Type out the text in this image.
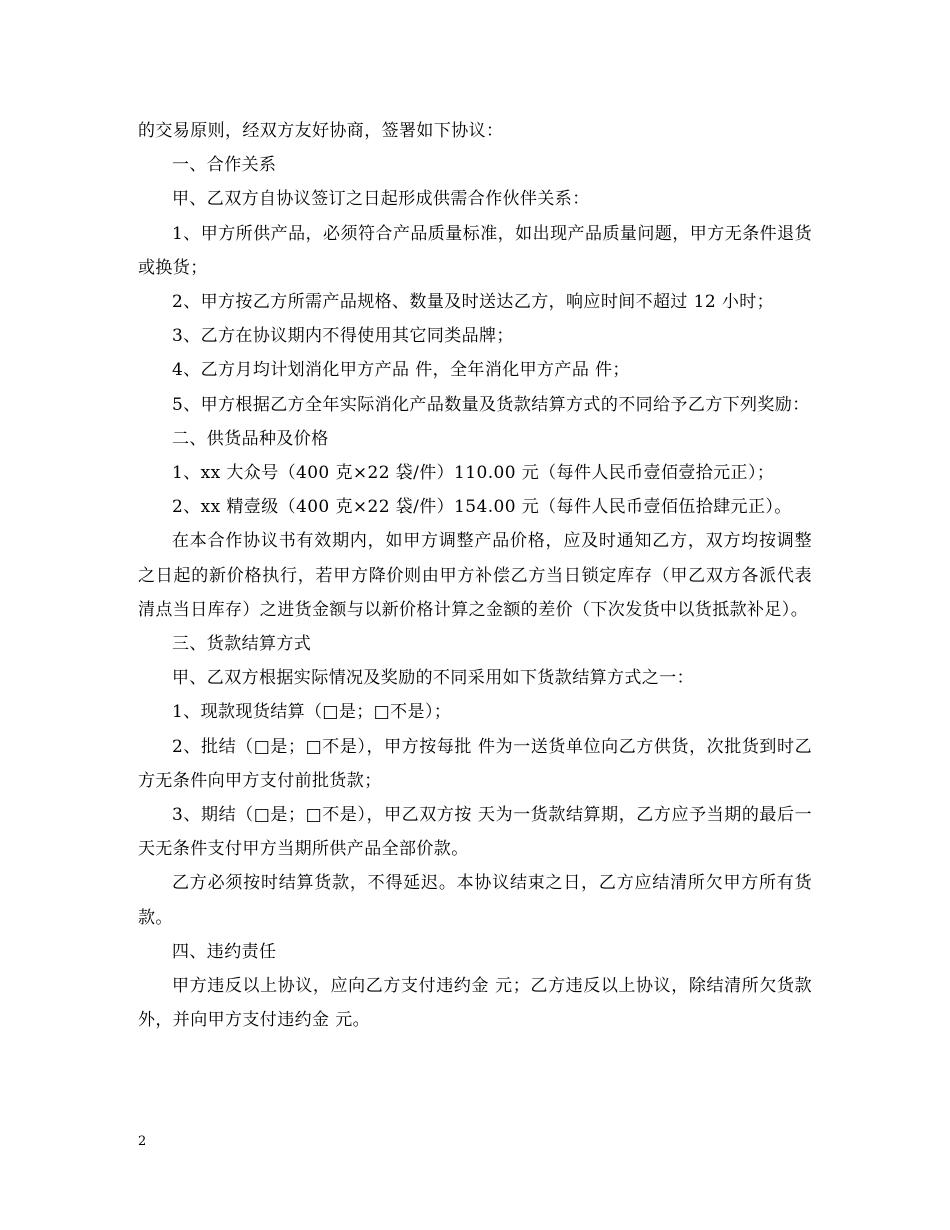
的交易原则，经双方友好协商，签署如下协议：

一、合作关系

甲、乙双方自协议签订之日起形成供需合作伙伴关系：

1、甲方所供产品，必须符合产品质量标准，如出现产品质量问题，甲方无条件退货或换货；

2、甲方按乙方所需产品规格、数量及时送达乙方，响应时间不超过 12 小时；

3、乙方在协议期内不得使用其它同类品牌；

4、乙方月均计划消化甲方产品 件，全年消化甲方产品 件；

5、甲方根据乙方全年实际消化产品数量及货款结算方式的不同给予乙方下列奖励：

二、供货品种及价格

1、xx 大众号（400 克×22 袋/件）110.00 元（每件人民币壹佰壹拾元正）；

2、xx 精壹级（400 克×22 袋/件）154.00 元（每件人民币壹佰伍拾肆元正）。

在本合作协议书有效期内，如甲方调整产品价格，应及时通知乙方，双方均按调整之日起的新价格执行，若甲方降价则由甲方补偿乙方当日锁定库存（甲乙双方各派代表清点当日库存）之进货金额与以新价格计算之金额的差价（下次发货中以货抵款补足）。

三、货款结算方式

甲、乙双方根据实际情况及奖励的不同采用如下货款结算方式之一：

1、现款现货结算（□是；□不是）；

2、批结（□是；□不是），甲方按每批 件为一送货单位向乙方供货，次批货到时乙方无条件向甲方支付前批货款；

3、期结（□是；□不是），甲乙双方按 天为一货款结算期，乙方应予当期的最后一天无条件支付甲方当期所供产品全部价款。

乙方必须按时结算货款，不得延迟。本协议结束之日，乙方应结清所欠甲方所有货款。

四、违约责任

甲方违反以上协议，应向乙方支付违约金 元；乙方违反以上协议，除结清所欠货款外，并向甲方支付违约金 元。

2
